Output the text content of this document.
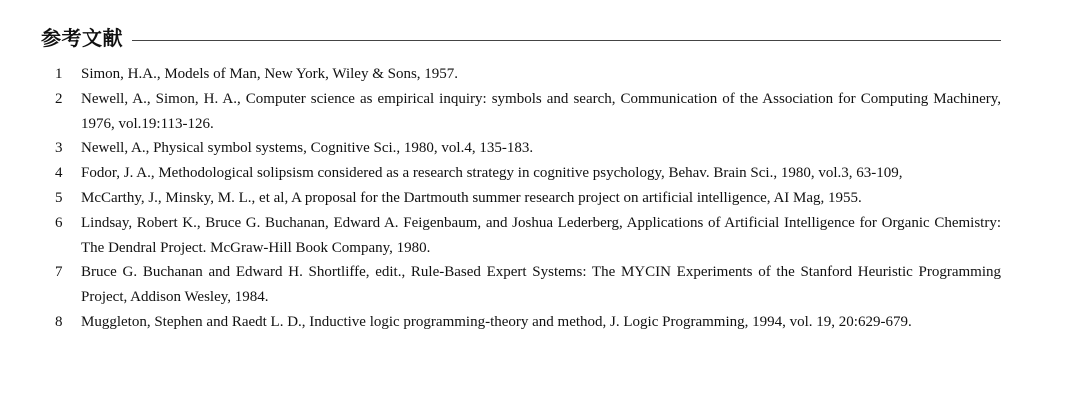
参考文献
1	Simon, H.A., Models of Man, New York, Wiley & Sons, 1957.
2	Newell, A., Simon, H. A., Computer science as empirical inquiry: symbols and search, Communication of the Association for Computing Machinery, 1976, vol.19:113-126.
3	Newell, A., Physical symbol systems, Cognitive Sci., 1980, vol.4, 135-183.
4	Fodor, J. A., Methodological solipsism considered as a research strategy in cognitive psychology, Behav. Brain Sci., 1980, vol.3, 63-109,
5	McCarthy, J., Minsky, M. L., et al, A proposal for the Dartmouth summer research project on artificial intelligence, AI Mag, 1955.
6	Lindsay, Robert K., Bruce G. Buchanan, Edward A. Feigenbaum, and Joshua Lederberg, Applications of Artificial Intelligence for Organic Chemistry: The Dendral Project. McGraw-Hill Book Company, 1980.
7	Bruce G. Buchanan and Edward H. Shortliffe, edit., Rule-Based Expert Systems: The MYCIN Experiments of the Stanford Heuristic Programming Project, Addison Wesley, 1984.
8	Muggleton, Stephen and Raedt L. D., Inductive logic programming-theory and method, J. Logic Programming, 1994, vol. 19, 20:629-679.
